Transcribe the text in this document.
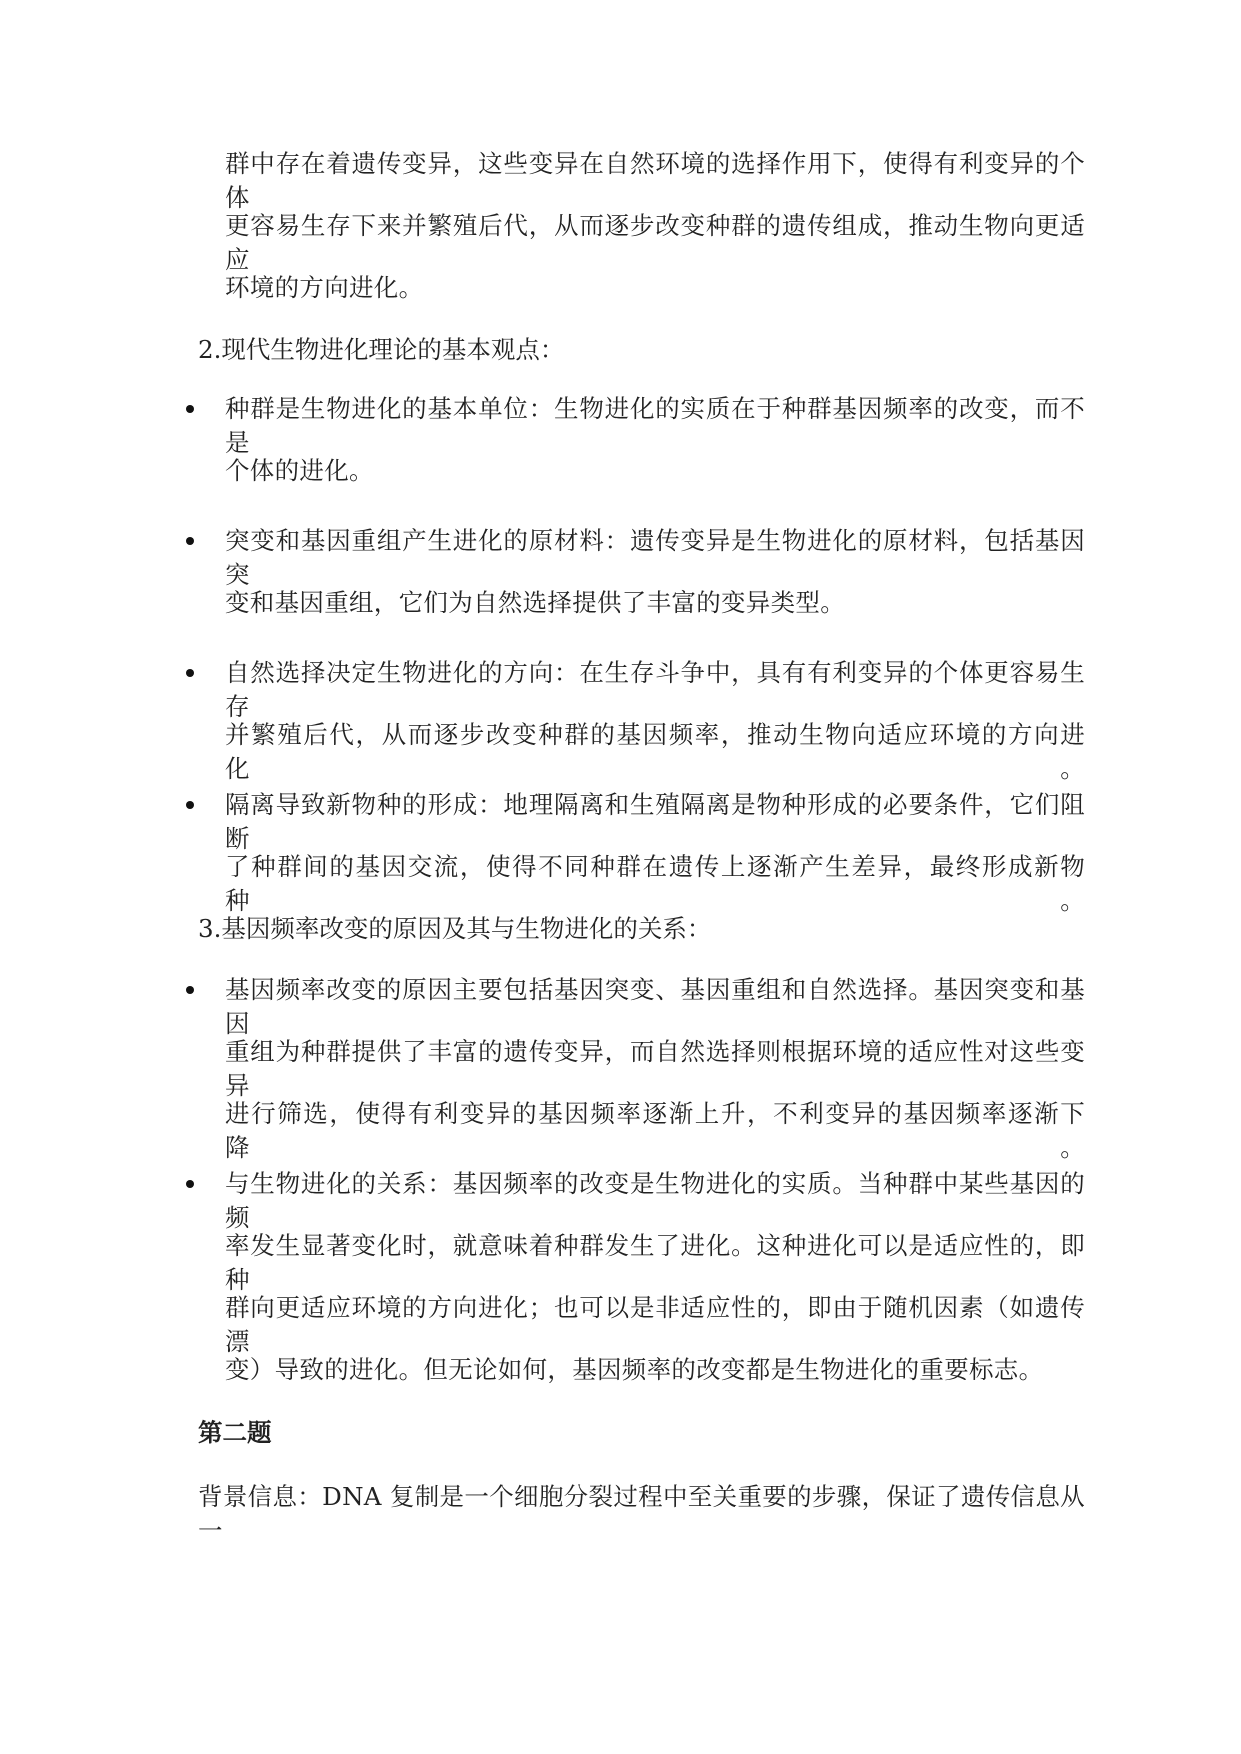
群中存在着遗传变异，这些变异在自然环境的选择作用下，使得有利变异的个体
更容易生存下来并繁殖后代，从而逐步改变种群的遗传组成，推动生物向更适应
环境的方向进化。
2.现代生物进化理论的基本观点：
种群是生物进化的基本单位：生物进化的实质在于种群基因频率的改变，而不是
个体的进化。
突变和基因重组产生进化的原材料：遗传变异是生物进化的原材料，包括基因突
变和基因重组，它们为自然选择提供了丰富的变异类型。
自然选择决定生物进化的方向：在生存斗争中，具有有利变异的个体更容易生存
并繁殖后代，从而逐步改变种群的基因频率，推动生物向适应环境的方向进化。
隔离导致新物种的形成：地理隔离和生殖隔离是物种形成的必要条件，它们阻断
了种群间的基因交流，使得不同种群在遗传上逐渐产生差异，最终形成新物种。
3.基因频率改变的原因及其与生物进化的关系：
基因频率改变的原因主要包括基因突变、基因重组和自然选择。基因突变和基因
重组为种群提供了丰富的遗传变异，而自然选择则根据环境的适应性对这些变异
进行筛选，使得有利变异的基因频率逐渐上升，不利变异的基因频率逐渐下降。
与生物进化的关系：基因频率的改变是生物进化的实质。当种群中某些基因的频
率发生显著变化时，就意味着种群发生了进化。这种进化可以是适应性的，即种
群向更适应环境的方向进化；也可以是非适应性的，即由于随机因素（如遗传漂
变）导致的进化。但无论如何，基因频率的改变都是生物进化的重要标志。
第二题
背景信息：DNA 复制是一个细胞分裂过程中至关重要的步骤，保证了遗传信息从一
